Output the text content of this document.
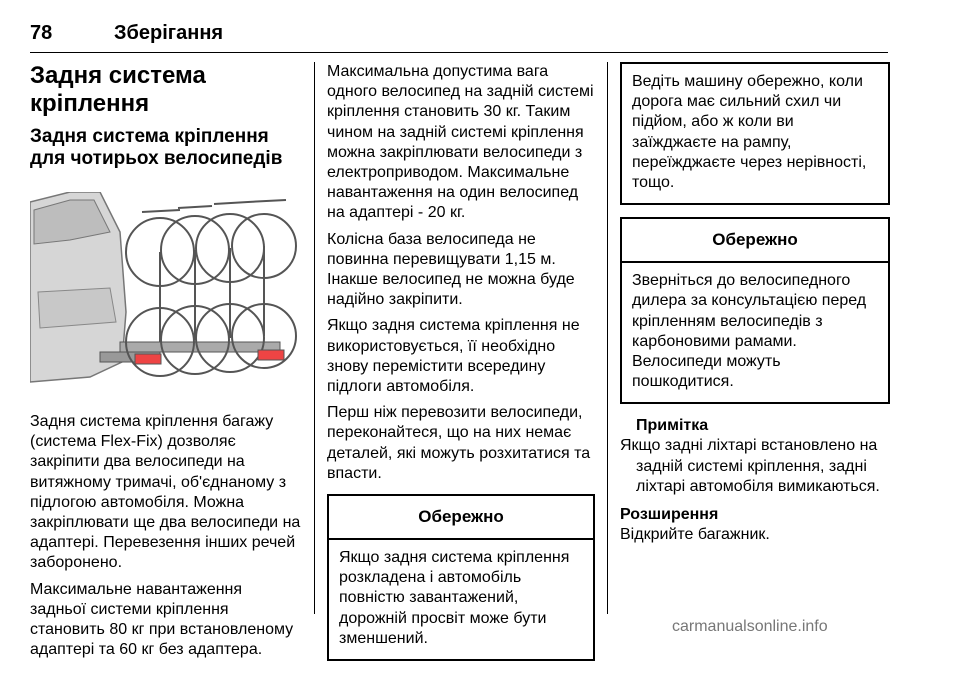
78	Зберігання
Задня система кріплення
Задня система кріплення для чотирьох велосипедів

Задня система кріплення багажу (система Flex-Fix) дозволяє закріпити два велосипеди на витяжному тримачі, об'єднаному з підлогою автомобіля. Можна закріплювати ще два велосипеди на адаптері. Перевезення інших речей заборонено.

Максимальне навантаження задньої системи кріплення становить 80 кг при встановленому адаптері та 60 кг без адаптера.

Максимальна допустима вага одного велосипед на задній системі кріплення становить 30 кг. Таким чином на задній системі кріплення можна закріплювати велосипеди з електроприводом. Максимальне навантаження на один велосипед на адаптері - 20 кг.

Колісна база велосипеда не повинна перевищувати 1,15 м. Інакше велосипед не можна буде надійно закріпити.

Якщо задня система кріплення не використовується, її необхідно знову перемістити всередину підлоги автомобіля.

Перш ніж перевозити велосипеди, переконайтеся, що на них немає деталей, які можуть розхитатися та впасти.

Обережно
Якщо задня система кріплення розкладена і автомобіль повністю завантажений, дорожній просвіт може бути зменшений.
Ведіть машину обережно, коли дорога має сильний схил чи підйом, або ж коли ви заїжджаєте на рампу, переїжджаєте через нерівності, тощо.
Обережно
Зверніться до велосипедного дилера за консультацією перед кріпленням велосипедів з карбоновими рамами. Велосипеди можуть пошкодитися.
Примітка
Якщо задні ліхтарі встановлено на задній системі кріплення, задні ліхтарі автомобіля вимикаються.
Розширення

Відкрийте багажник.

carmanualsonline.info
